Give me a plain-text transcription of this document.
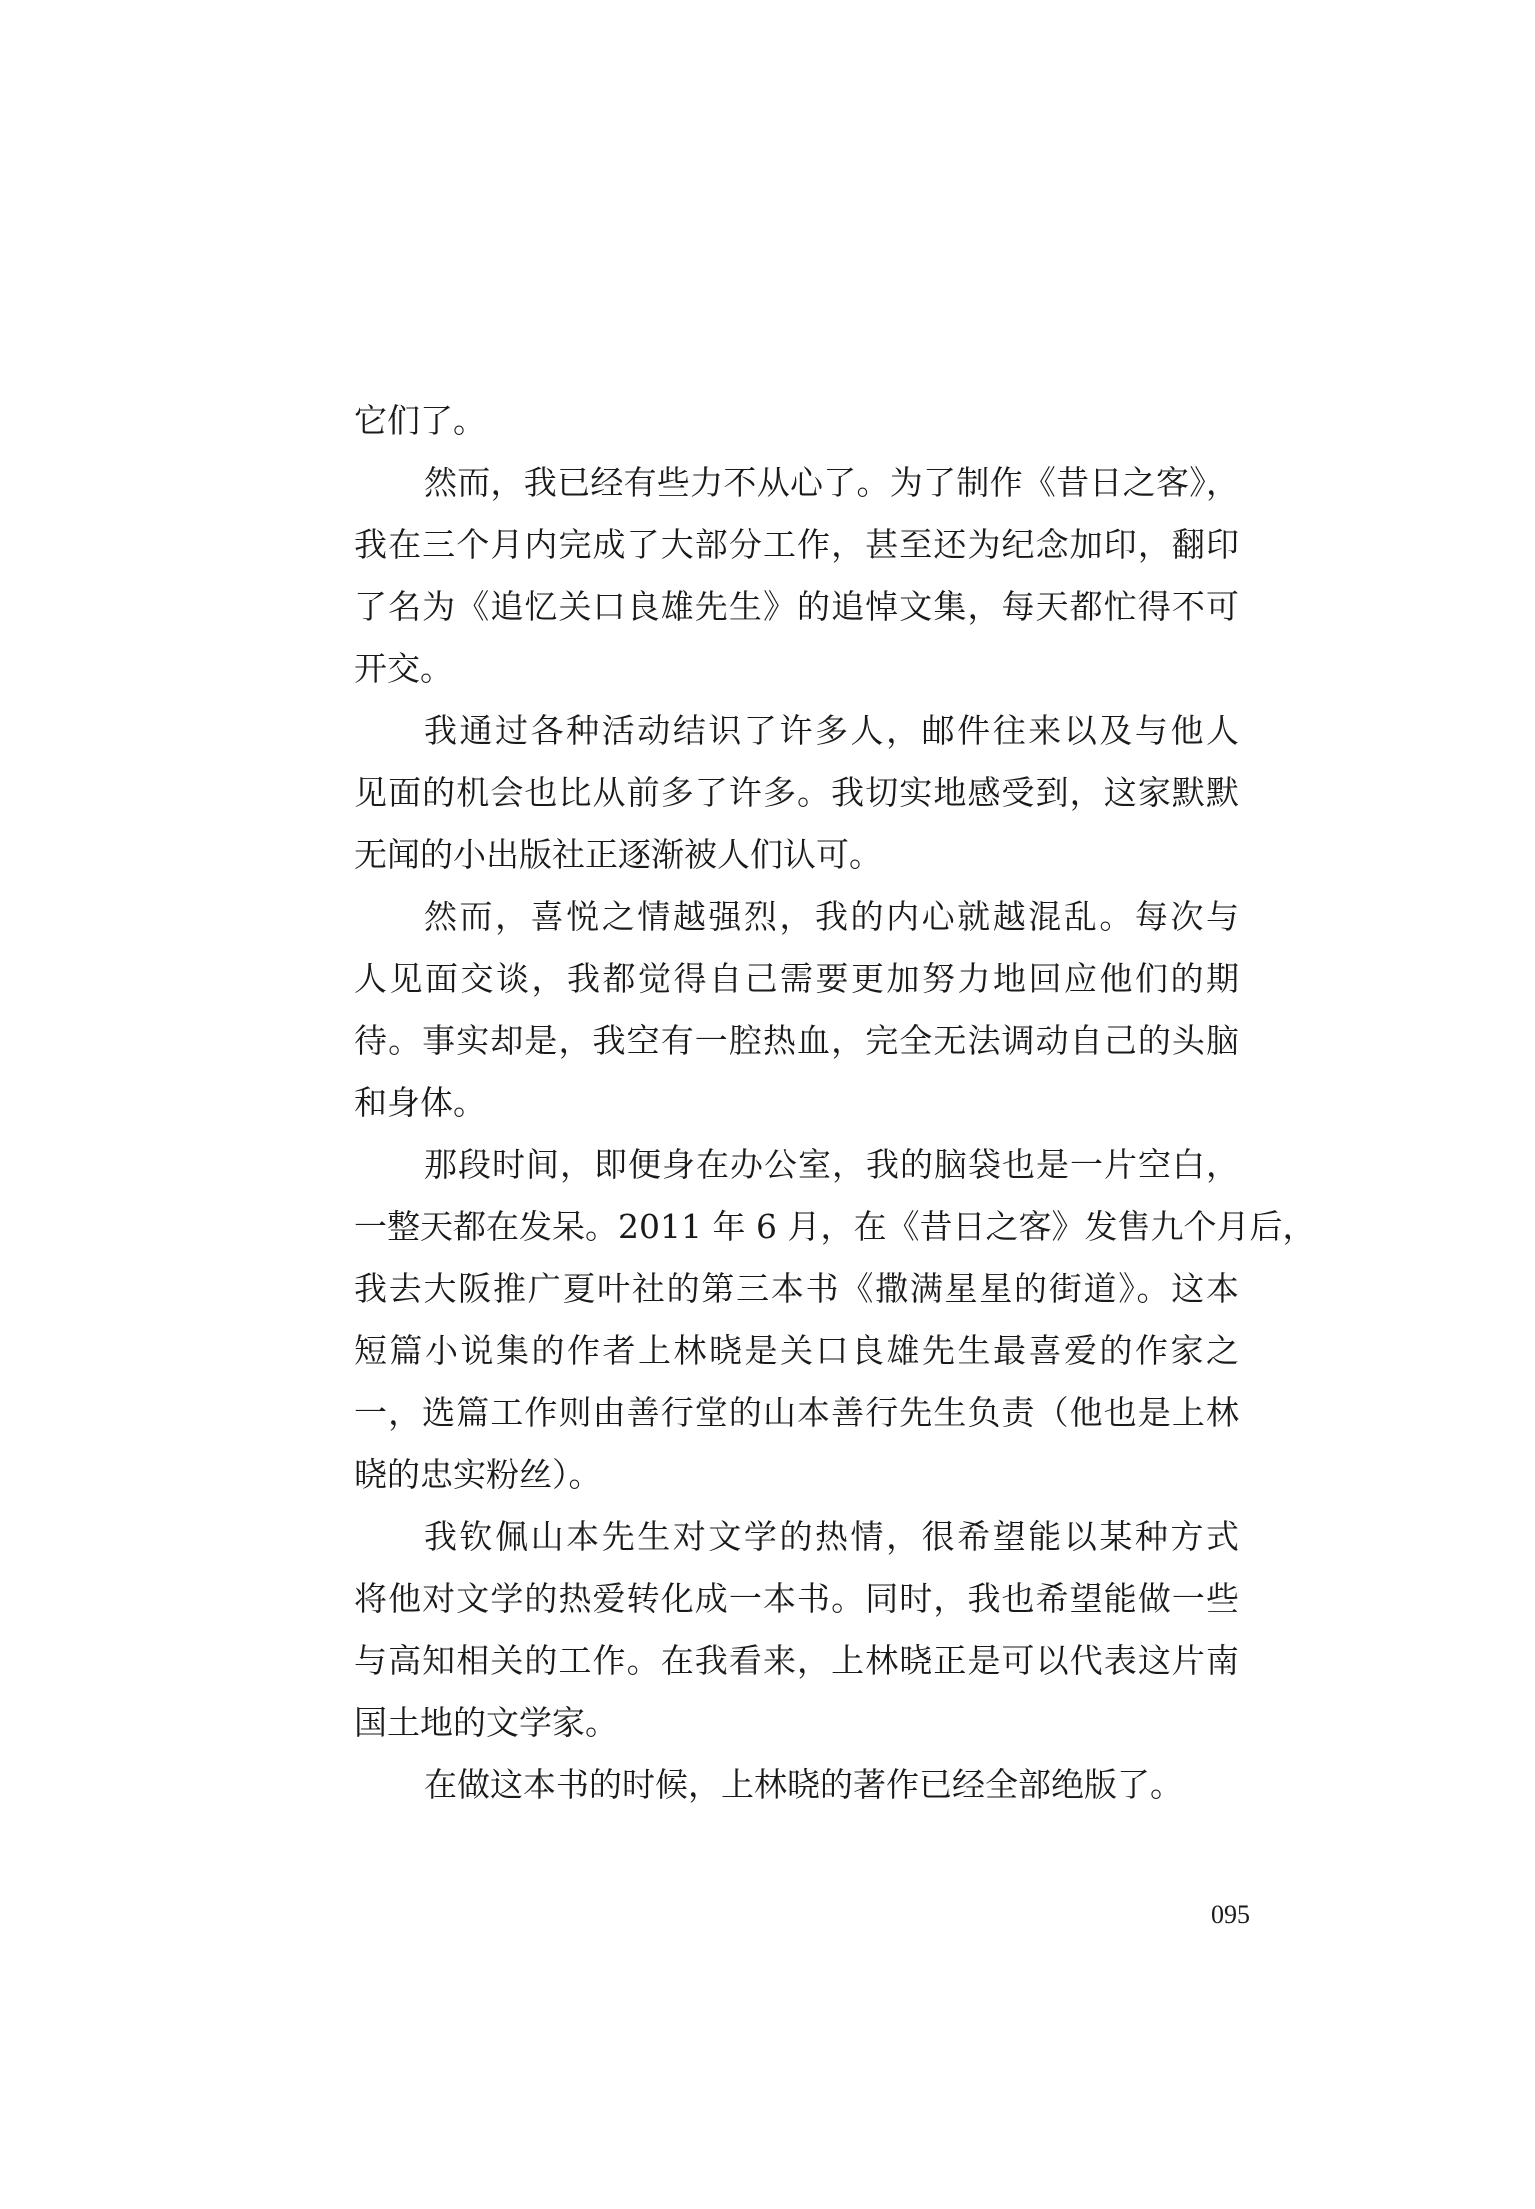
它们了。
然而，我已经有些力不从心了。为了制作《昔日之客》，
我在三个月内完成了大部分工作，甚至还为纪念加印，翻印
了名为《追忆关口良雄先生》的追悼文集，每天都忙得不可
开交。
我通过各种活动结识了许多人，邮件往来以及与他人
见面的机会也比从前多了许多。我切实地感受到，这家默默
无闻的小出版社正逐渐被人们认可。
然而，喜悦之情越强烈，我的内心就越混乱。每次与
人见面交谈，我都觉得自己需要更加努力地回应他们的期
待。事实却是，我空有一腔热血，完全无法调动自己的头脑
和身体。
那段时间，即便身在办公室，我的脑袋也是一片空白，
一整天都在发呆。2011 年 6 月，在《昔日之客》发售九个月后，
我去大阪推广夏叶社的第三本书《撒满星星的街道》。这本
短篇小说集的作者上林晓是关口良雄先生最喜爱的作家之
一，选篇工作则由善行堂的山本善行先生负责（他也是上林
晓的忠实粉丝）。
我钦佩山本先生对文学的热情，很希望能以某种方式
将他对文学的热爱转化成一本书。同时，我也希望能做一些
与高知相关的工作。在我看来，上林晓正是可以代表这片南
国土地的文学家。
在做这本书的时候，上林晓的著作已经全部绝版了。
095
